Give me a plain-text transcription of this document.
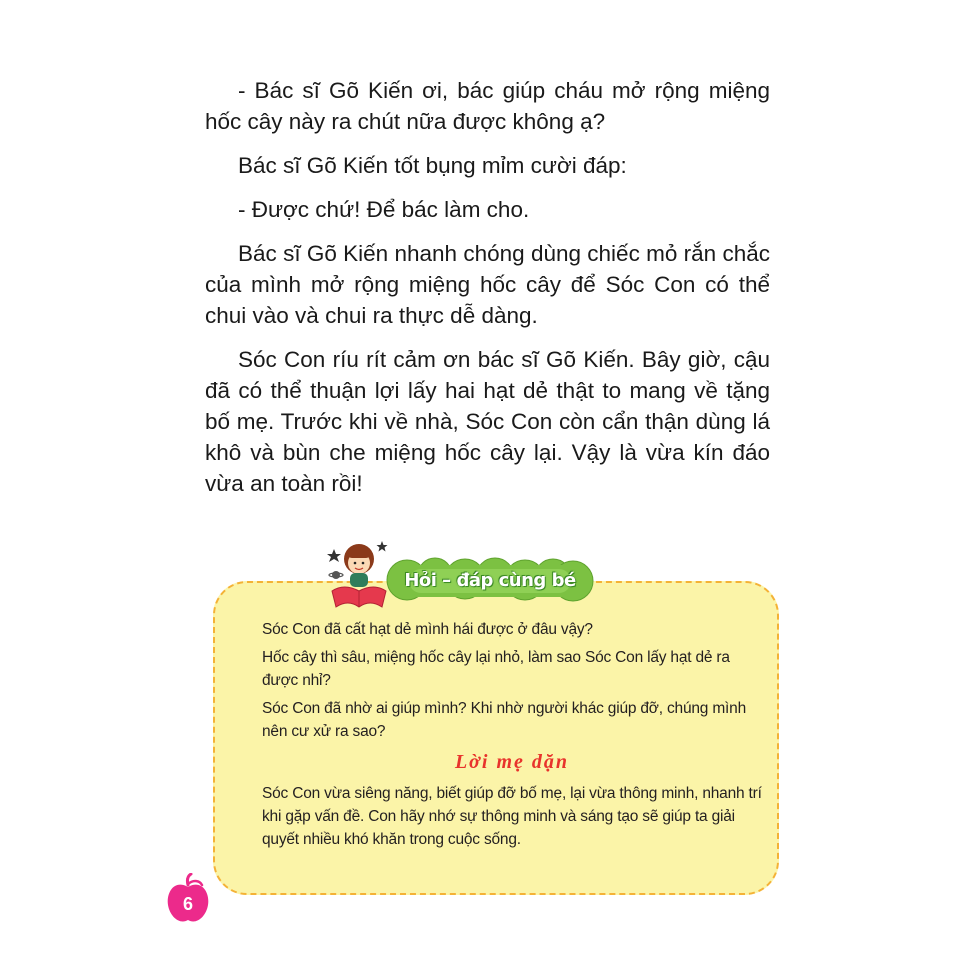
- Bác sĩ Gõ Kiến ơi, bác giúp cháu mở rộng miệng hốc cây này ra chút nữa được không ạ?

Bác sĩ Gõ Kiến tốt bụng mỉm cười đáp:

- Được chứ! Để bác làm cho.

Bác sĩ Gõ Kiến nhanh chóng dùng chiếc mỏ rắn chắc của mình mở rộng miệng hốc cây để Sóc Con có thể chui vào và chui ra thực dễ dàng.

Sóc Con ríu rít cảm ơn bác sĩ Gõ Kiến. Bây giờ, cậu đã có thể thuận lợi lấy hai hạt dẻ thật to mang về tặng bố mẹ. Trước khi về nhà, Sóc Con còn cẩn thận dùng lá khô và bùn che miệng hốc cây lại. Vậy là vừa kín đáo vừa an toàn rồi!

Hỏi – đáp cùng bé

Sóc Con đã cất hạt dẻ mình hái được ở đâu vậy?

Hốc cây thì sâu, miệng hốc cây lại nhỏ, làm sao Sóc Con lấy hạt dẻ ra được nhỉ?

Sóc Con đã nhờ ai giúp mình? Khi nhờ người khác giúp đỡ, chúng mình nên cư xử ra sao?

Lời mẹ dặn

Sóc Con vừa siêng năng, biết giúp đỡ bố mẹ, lại vừa thông minh, nhanh trí khi gặp vấn đề. Con hãy nhớ sự thông minh và sáng tạo sẽ giúp ta giải quyết nhiều khó khăn trong cuộc sống.

6
